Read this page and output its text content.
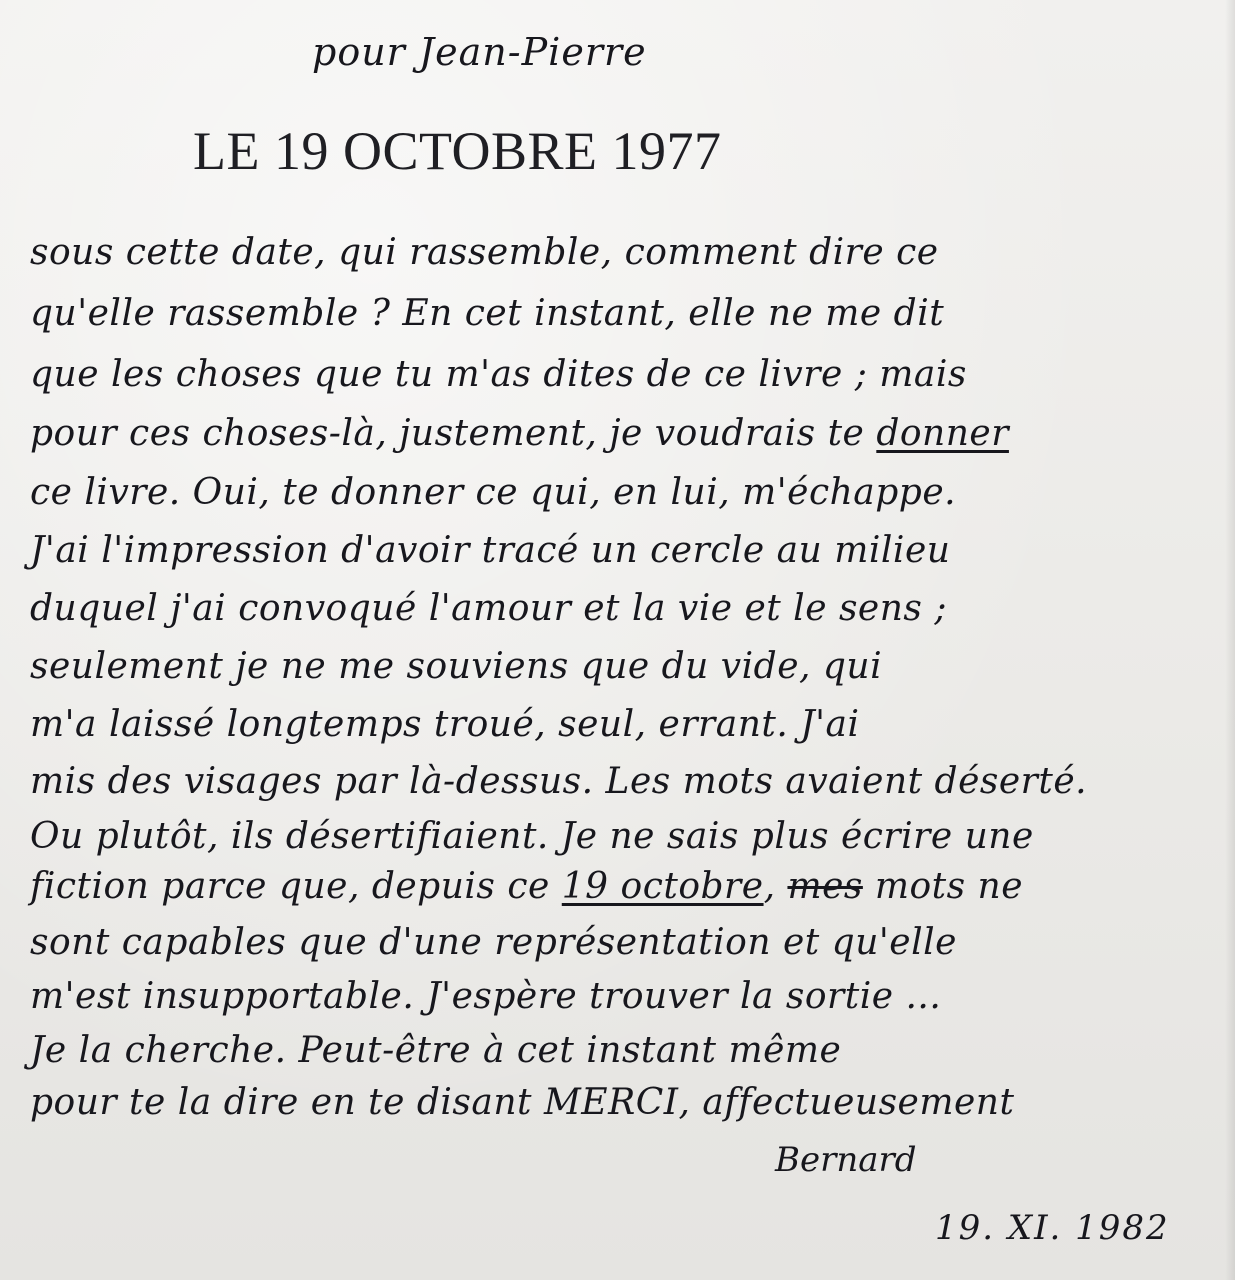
pour Jean-Pierre
LE 19 OCTOBRE 1977
sous cette date, qui rassemble, comment dire ce
qu'elle rassemble ? En cet instant, elle ne me dit
que les choses que tu m'as dites de ce livre ; mais
pour ces choses-là, justement, je voudrais te donner
ce livre. Oui, te donner ce qui, en lui, m'échappe.
J'ai l'impression d'avoir tracé un cercle au milieu
duquel j'ai convoqué l'amour et la vie et le sens ;
seulement je ne me souviens que du vide, qui
m'a laissé longtemps troué, seul, errant. J'ai
mis des visages par là-dessus. Les mots avaient déserté.
Ou plutôt, ils désertifiaient. Je ne sais plus écrire une
fiction parce que, depuis ce 19 octobre, mes mots ne
sont capables que d'une représentation et qu'elle
m'est insupportable. J'espère trouver la sortie ...
Je la cherche. Peut-être à cet instant même
pour te la dire en te disant MERCI, affectueusement
Bernard
19. XI. 1982
